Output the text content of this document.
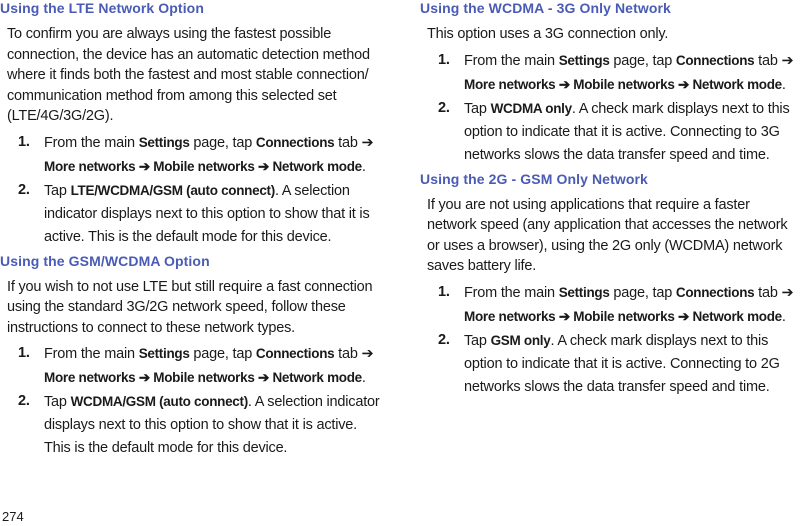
Using the LTE Network Option

To confirm you are always using the fastest possible connection, the device has an automatic detection method where it finds both the fastest and most stable connection/ communication method from among this selected set (LTE/4G/3G/2G).

1. From the main Settings page, tap Connections tab ➔ More networks ➔ Mobile networks ➔ Network mode.

2. Tap LTE/WCDMA/GSM (auto connect). A selection indicator displays next to this option to show that it is active. This is the default mode for this device.

Using the GSM/WCDMA Option

If you wish to not use LTE but still require a fast connection using the standard 3G/2G network speed, follow these instructions to connect to these network types.

1. From the main Settings page, tap Connections tab ➔ More networks ➔ Mobile networks ➔ Network mode.

2. Tap WCDMA/GSM (auto connect). A selection indicator displays next to this option to show that it is active. This is the default mode for this device.

Using the WCDMA - 3G Only Network

This option uses a 3G connection only.

1. From the main Settings page, tap Connections tab ➔ More networks ➔ Mobile networks ➔ Network mode.

2. Tap WCDMA only. A check mark displays next to this option to indicate that it is active. Connecting to 3G networks slows the data transfer speed and time.

Using the 2G - GSM Only Network

If you are not using applications that require a faster network speed (any application that accesses the network or uses a browser), using the 2G only (WCDMA) network saves battery life.

1. From the main Settings page, tap Connections tab ➔ More networks ➔ Mobile networks ➔ Network mode.

2. Tap GSM only. A check mark displays next to this option to indicate that it is active. Connecting to 2G networks slows the data transfer speed and time.

274
